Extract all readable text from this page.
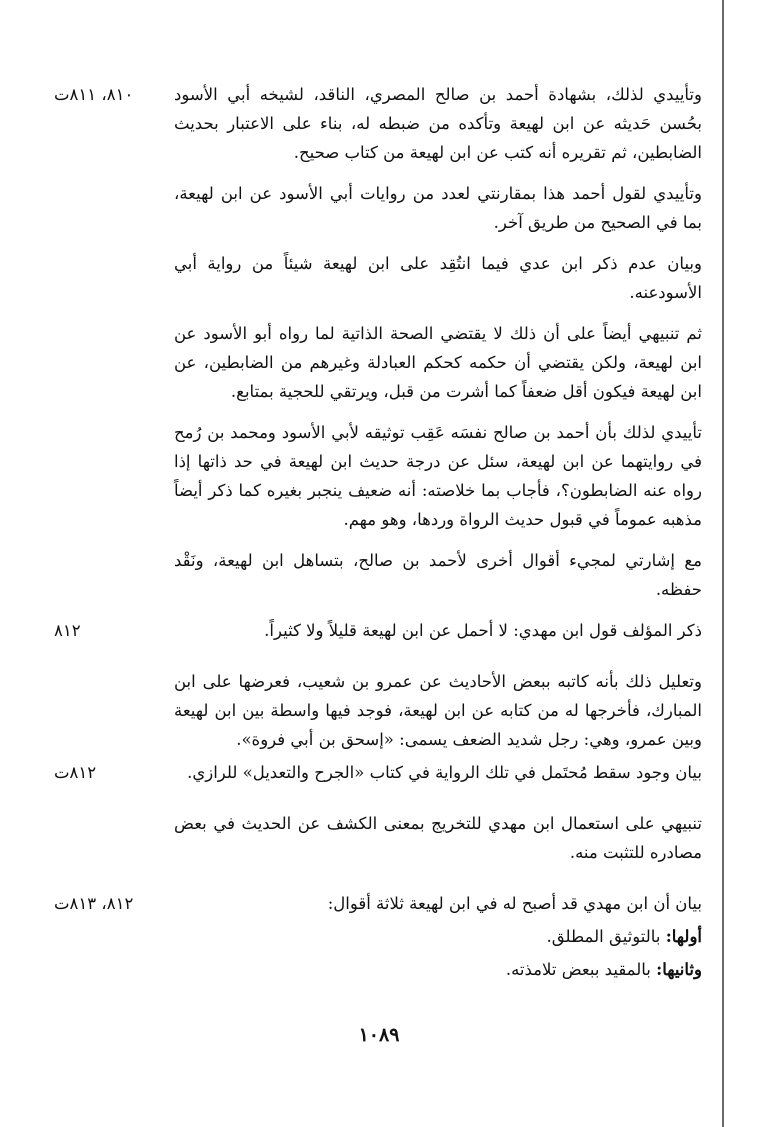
وتأييدي لذلك، بشهادة أحمد بن صالح المصري، الناقد، لشيخه أبي الأسود بحُسن حَديثه عن ابن لهيعة وتأكده من ضبطه له، بناء على الاعتبار بحديث الضابطين، ثم تقريره أنه كتب عن ابن لهيعة من كتاب صحيح.
٨١٠، ٨١١ت
وتأييدي لقول أحمد هذا بمقارنتي لعدد من روايات أبي الأسود عن ابن لهيعة، بما في الصحيح من طريق آخر.
وبيان عدم ذكر ابن عدي فيما انتُقِد على ابن لهيعة شيئاً من رواية أبي الأسودعنه.
ثم تنبيهي أيضاً على أن ذلك لا يقتضي الصحة الذاتية لما رواه أبو الأسود عن ابن لهيعة، ولكن يقتضي أن حكمه كحكم العبادلة وغيرهم من الضابطين، عن ابن لهيعة فيكون أقل ضعفاً كما أشرت من قبل، ويرتقي للحجية بمتابع.
تأييدي لذلك بأن أحمد بن صالح نفسَه عَقِب توثيقه لأبي الأسود ومحمد بن رُمح في روايتهما عن ابن لهيعة، سئل عن درجة حديث ابن لهيعة في حد ذاتها إذا رواه عنه الضابطون؟، فأجاب بما خلاصته: أنه ضعيف ينجبر بغيره كما ذكر أيضاً مذهبه عموماً في قبول حديث الرواة وردها، وهو مهم.
مع إشارتي لمجيء أقوال أخرى لأحمد بن صالح، بتساهل ابن لهيعة، ونَقْد حفظه.
ذكر المؤلف قول ابن مهدي: لا أحمل عن ابن لهيعة قليلاً ولا كثيراً.
٨١٢
وتعليل ذلك بأنه كاتبه ببعض الأحاديث عن عمرو بن شعيب، فعرضها على ابن المبارك، فأخرجها له من كتابه عن ابن لهيعة، فوجد فيها واسطة بين ابن لهيعة وبين عمرو، وهي: رجل شديد الضعف يسمى: «إسحق بن أبي فروة».
بيان وجود سقط مُحتَمل في تلك الرواية في كتاب «الجرح والتعديل» للرازي.
٨١٢ت
تنبيهي على استعمال ابن مهدي للتخريج بمعنى الكشف عن الحديث في بعض مصادره للتثبت منه.
بيان أن ابن مهدي قد أصبح له في ابن لهيعة ثلاثة أقوال:
٨١٢، ٨١٣ت
أولها: بالتوثيق المطلق.
وثانيها: بالمقيد ببعض تلامذته.
١٠٨٩
